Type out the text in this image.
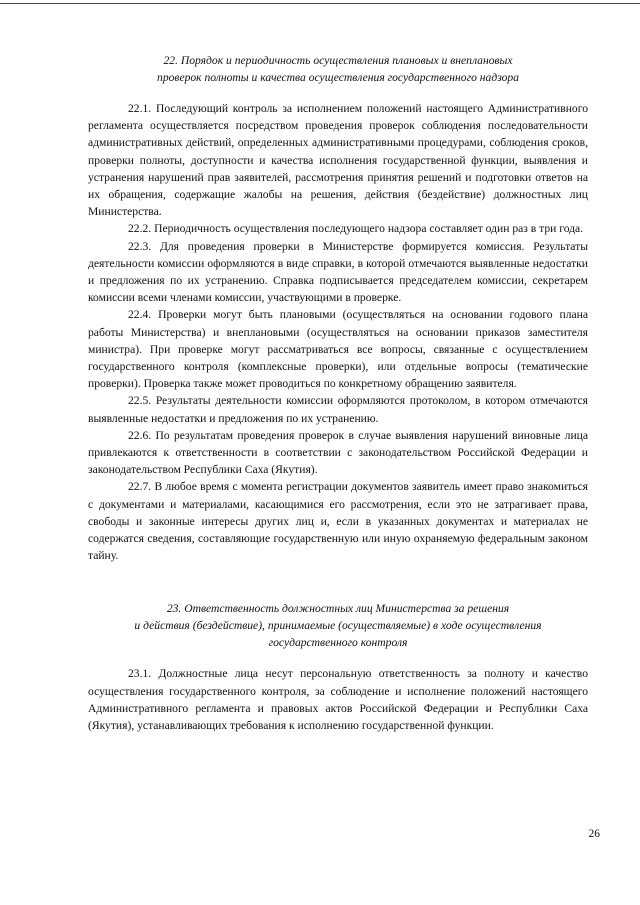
22. Порядок и периодичность осуществления плановых и внеплановых
проверок полноты и качества осуществления государственного надзора

22.1. Последующий контроль за исполнением положений настоящего Административного регламента осуществляется посредством проведения проверок соблюдения последовательности административных действий, определенных административными процедурами, соблюдения сроков, проверки полноты, доступности и качества исполнения государственной функции, выявления и устранения нарушений прав заявителей, рассмотрения принятия решений и подготовки ответов на их обращения, содержащие жалобы на решения, действия (бездействие) должностных лиц Министерства.

22.2. Периодичность осуществления последующего надзора составляет один раз в три года.

22.3. Для проведения проверки в Министерстве формируется комиссия. Результаты деятельности комиссии оформляются в виде справки, в которой отмечаются выявленные недостатки и предложения по их устранению. Справка подписывается председателем комиссии, секретарем комиссии всеми членами комиссии, участвующими в проверке.

22.4. Проверки могут быть плановыми (осуществляться на основании годового плана работы Министерства) и внеплановыми (осуществляться на основании приказов заместителя министра). При проверке могут рассматриваться все вопросы, связанные с осуществлением государственного контроля (комплексные проверки), или отдельные вопросы (тематические проверки). Проверка также может проводиться по конкретному обращению заявителя.

22.5. Результаты деятельности комиссии оформляются протоколом, в котором отмечаются выявленные недостатки и предложения по их устранению.

22.6. По результатам проведения проверок в случае выявления нарушений виновные лица привлекаются к ответственности в соответствии с законодательством Российской Федерации и законодательством Республики Саха (Якутия).

22.7. В любое время с момента регистрации документов заявитель имеет право знакомиться с документами и материалами, касающимися его рассмотрения, если это не затрагивает права, свободы и законные интересы других лиц и, если в указанных документах и материалах не содержатся сведения, составляющие государственную или иную охраняемую федеральным законом тайну.

23. Ответственность должностных лиц Министерства за решения
и действия (бездействие), принимаемые (осуществляемые) в ходе осуществления
государственного контроля

23.1. Должностные лица несут персональную ответственность за полноту и качество осуществления государственного контроля, за соблюдение и исполнение положений настоящего Административного регламента и правовых актов Российской Федерации и Республики Саха (Якутия), устанавливающих требования к исполнению государственной функции.

26
